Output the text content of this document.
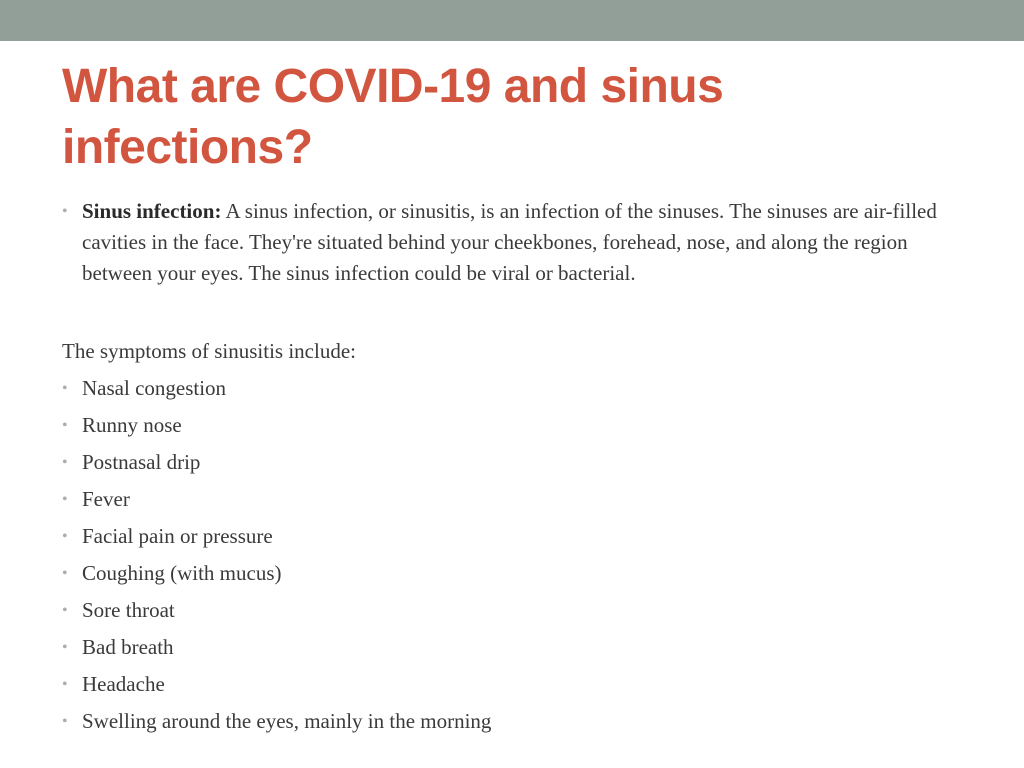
What are COVID-19 and sinus infections?

• Sinus infection: A sinus infection, or sinusitis, is an infection of the sinuses. The sinuses are air-filled cavities in the face. They're situated behind your cheekbones, forehead, nose, and along the region between your eyes. The sinus infection could be viral or bacterial.

The symptoms of sinusitis include:

• Nasal congestion
• Runny nose
• Postnasal drip
• Fever
• Facial pain or pressure
• Coughing (with mucus)
• Sore throat
• Bad breath
• Headache
• Swelling around the eyes, mainly in the morning
